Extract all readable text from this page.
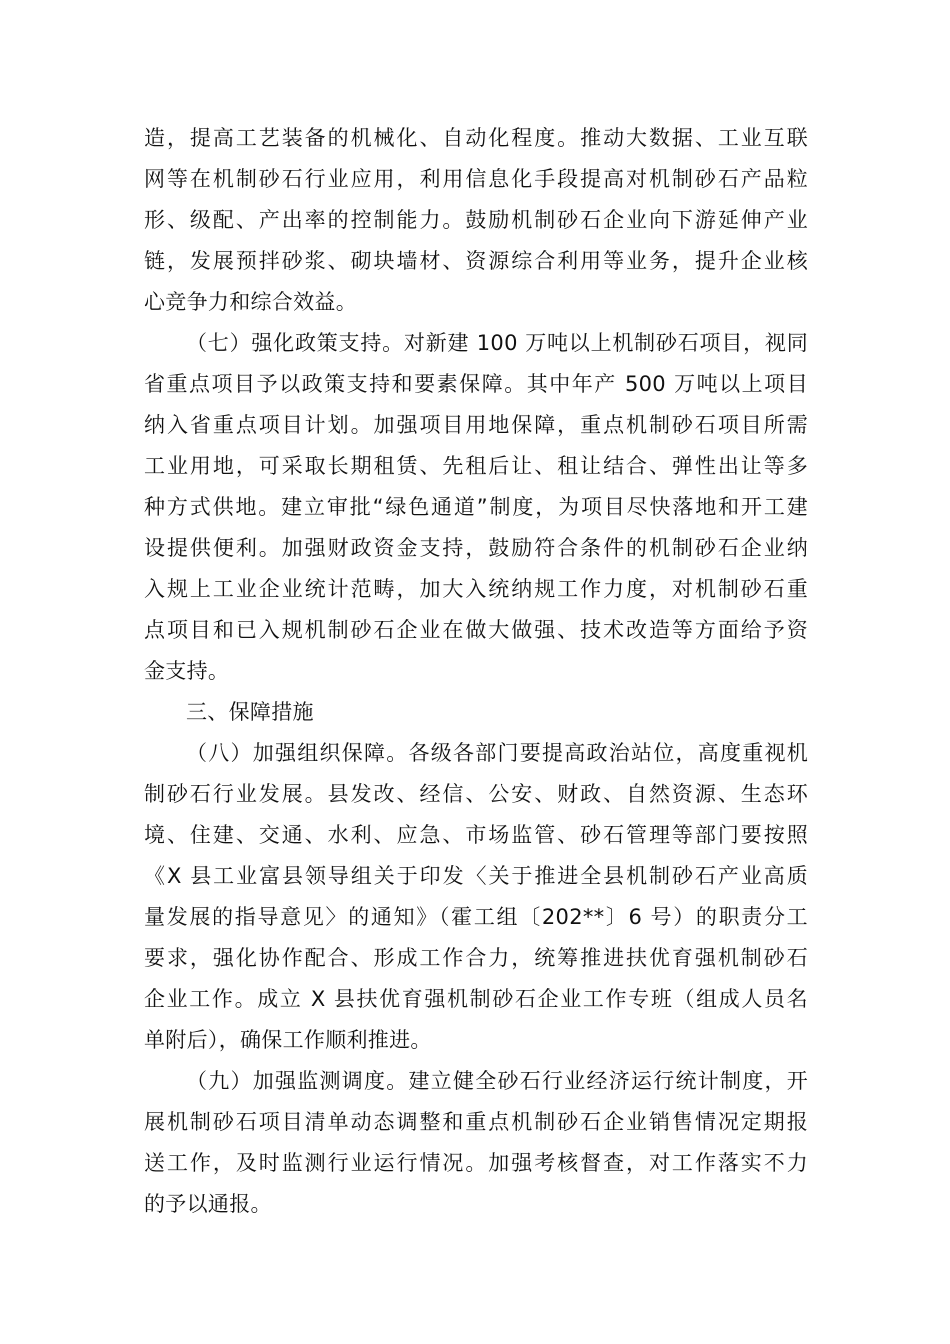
造，提高工艺装备的机械化、自动化程度。推动大数据、工业互联
网等在机制砂石行业应用，利用信息化手段提高对机制砂石产品粒
形、级配、产出率的控制能力。鼓励机制砂石企业向下游延伸产业
链，发展预拌砂浆、砌块墙材、资源综合利用等业务，提升企业核
心竞争力和综合效益。
（七）强化政策支持。对新建 100 万吨以上机制砂石项目，视同
省重点项目予以政策支持和要素保障。其中年产 500 万吨以上项目
纳入省重点项目计划。加强项目用地保障，重点机制砂石项目所需
工业用地，可采取长期租赁、先租后让、租让结合、弹性出让等多
种方式供地。建立审批“绿色通道”制度，为项目尽快落地和开工建
设提供便利。加强财政资金支持，鼓励符合条件的机制砂石企业纳
入规上工业企业统计范畴，加大入统纳规工作力度，对机制砂石重
点项目和已入规机制砂石企业在做大做强、技术改造等方面给予资
金支持。
三、保障措施
（八）加强组织保障。各级各部门要提高政治站位，高度重视机
制砂石行业发展。县发改、经信、公安、财政、自然资源、生态环
境、住建、交通、水利、应急、市场监管、砂石管理等部门要按照
《X 县工业富县领导组关于印发〈关于推进全县机制砂石产业高质
量发展的指导意见〉的通知》（霍工组〔202**〕6 号）的职责分工
要求，强化协作配合、形成工作合力，统筹推进扶优育强机制砂石
企业工作。成立 X 县扶优育强机制砂石企业工作专班（组成人员名
单附后），确保工作顺利推进。
（九）加强监测调度。建立健全砂石行业经济运行统计制度，开
展机制砂石项目清单动态调整和重点机制砂石企业销售情况定期报
送工作，及时监测行业运行情况。加强考核督查，对工作落实不力
的予以通报。
